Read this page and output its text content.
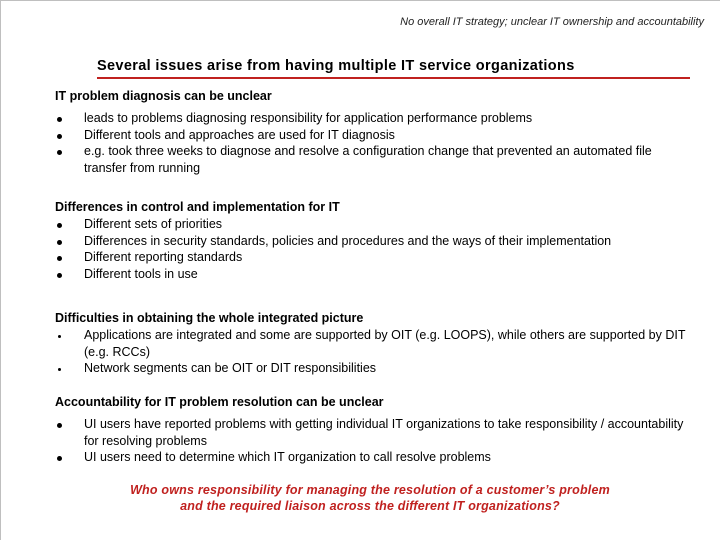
No overall IT strategy; unclear IT ownership and accountability
Several issues arise from having multiple IT service organizations
IT problem diagnosis can be unclear
leads to problems diagnosing responsibility for application performance problems
Different tools and approaches are used for IT diagnosis
e.g. took three weeks to diagnose and resolve a configuration change that prevented an automated file transfer from running
Differences in control and implementation for IT
Different sets of priorities
Differences in security standards, policies and procedures and the ways of their implementation
Different reporting standards
Different tools in use
Difficulties in obtaining the whole integrated picture
Applications are integrated and some are supported by OIT (e.g. LOOPS), while others are supported by DIT (e.g. RCCs)
Network segments can be OIT or DIT responsibilities
Accountability for IT problem resolution can be unclear
UI users have reported problems with getting individual IT organizations to take responsibility / accountability for resolving problems
UI users need to determine which IT organization to call resolve problems
Who owns responsibility for managing the resolution of a customer’s problem
and the required liaison across the different IT organizations?
